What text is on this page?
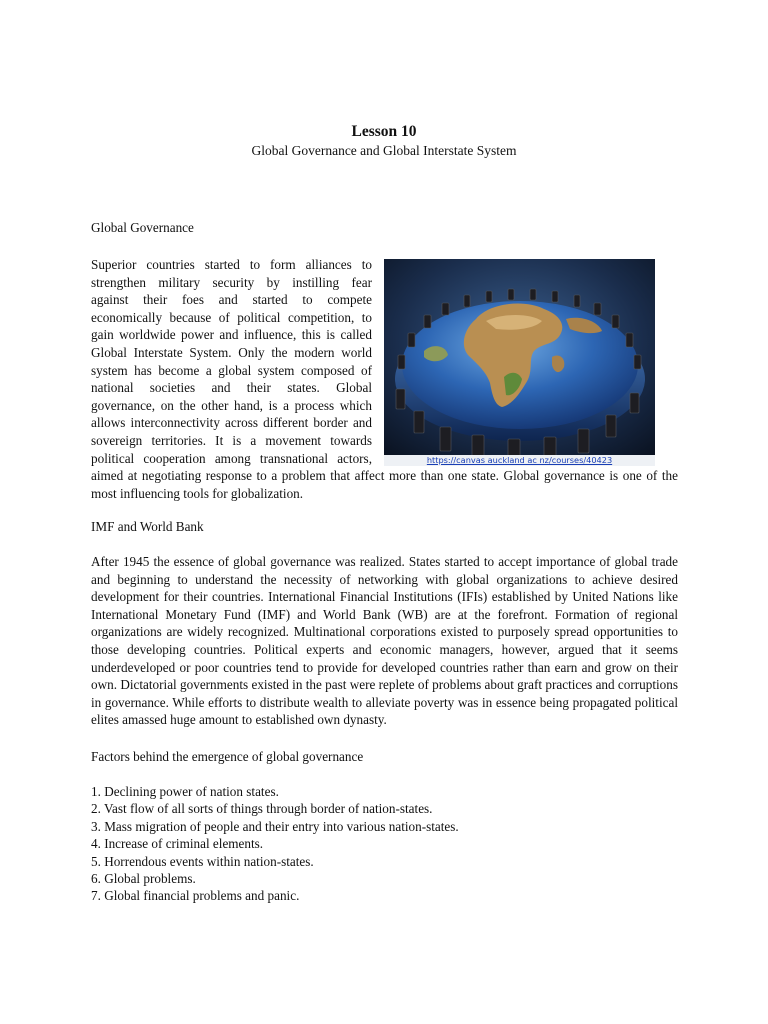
Lesson 10

Global Governance and Global Interstate System

Global Governance
Superior countries started to form alliances to
strengthen military security by instilling fear
against their foes and started to compete
economically because of political competition, to
gain worldwide power and influence, this is called
Global Interstate System. Only the modern world
system has become a global system composed of
national societies and their states. Global
governance, on the other hand, is a process which
allows interconnectivity across different border and
sovereign territories. It is a movement towards
political cooperation among transnational actors,
aimed at negotiating response to a problem that affect more than one state. Global governance is one of the most influencing tools for globalization.
https://canvas auckland ac nz/courses/40423
IMF and World Bank
After 1945 the essence of global governance was realized. States started to accept importance of global trade and beginning to understand the necessity of networking with global organizations to achieve desired development for their countries. International Financial Institutions (IFIs) established by United Nations like International Monetary Fund (IMF) and World Bank (WB) are at the forefront. Formation of regional organizations are widely recognized. Multinational corporations existed to purposely spread opportunities to those developing countries. Political experts and economic managers, however, argued that it seems underdeveloped or poor countries tend to provide for developed countries rather than earn and grow on their own. Dictatorial governments existed in the past were replete of problems about graft practices and corruptions in governance. While efforts to distribute wealth to alleviate poverty was in essence being propagated political elites amassed huge amount to established own dynasty.
Factors behind the emergence of global governance
1. Declining power of nation states.
2. Vast flow of all sorts of things through border of nation-states.
3. Mass migration of people and their entry into various nation-states.
4. Increase of criminal elements.
5. Horrendous events within nation-states.
6. Global problems.
7. Global financial problems and panic.
